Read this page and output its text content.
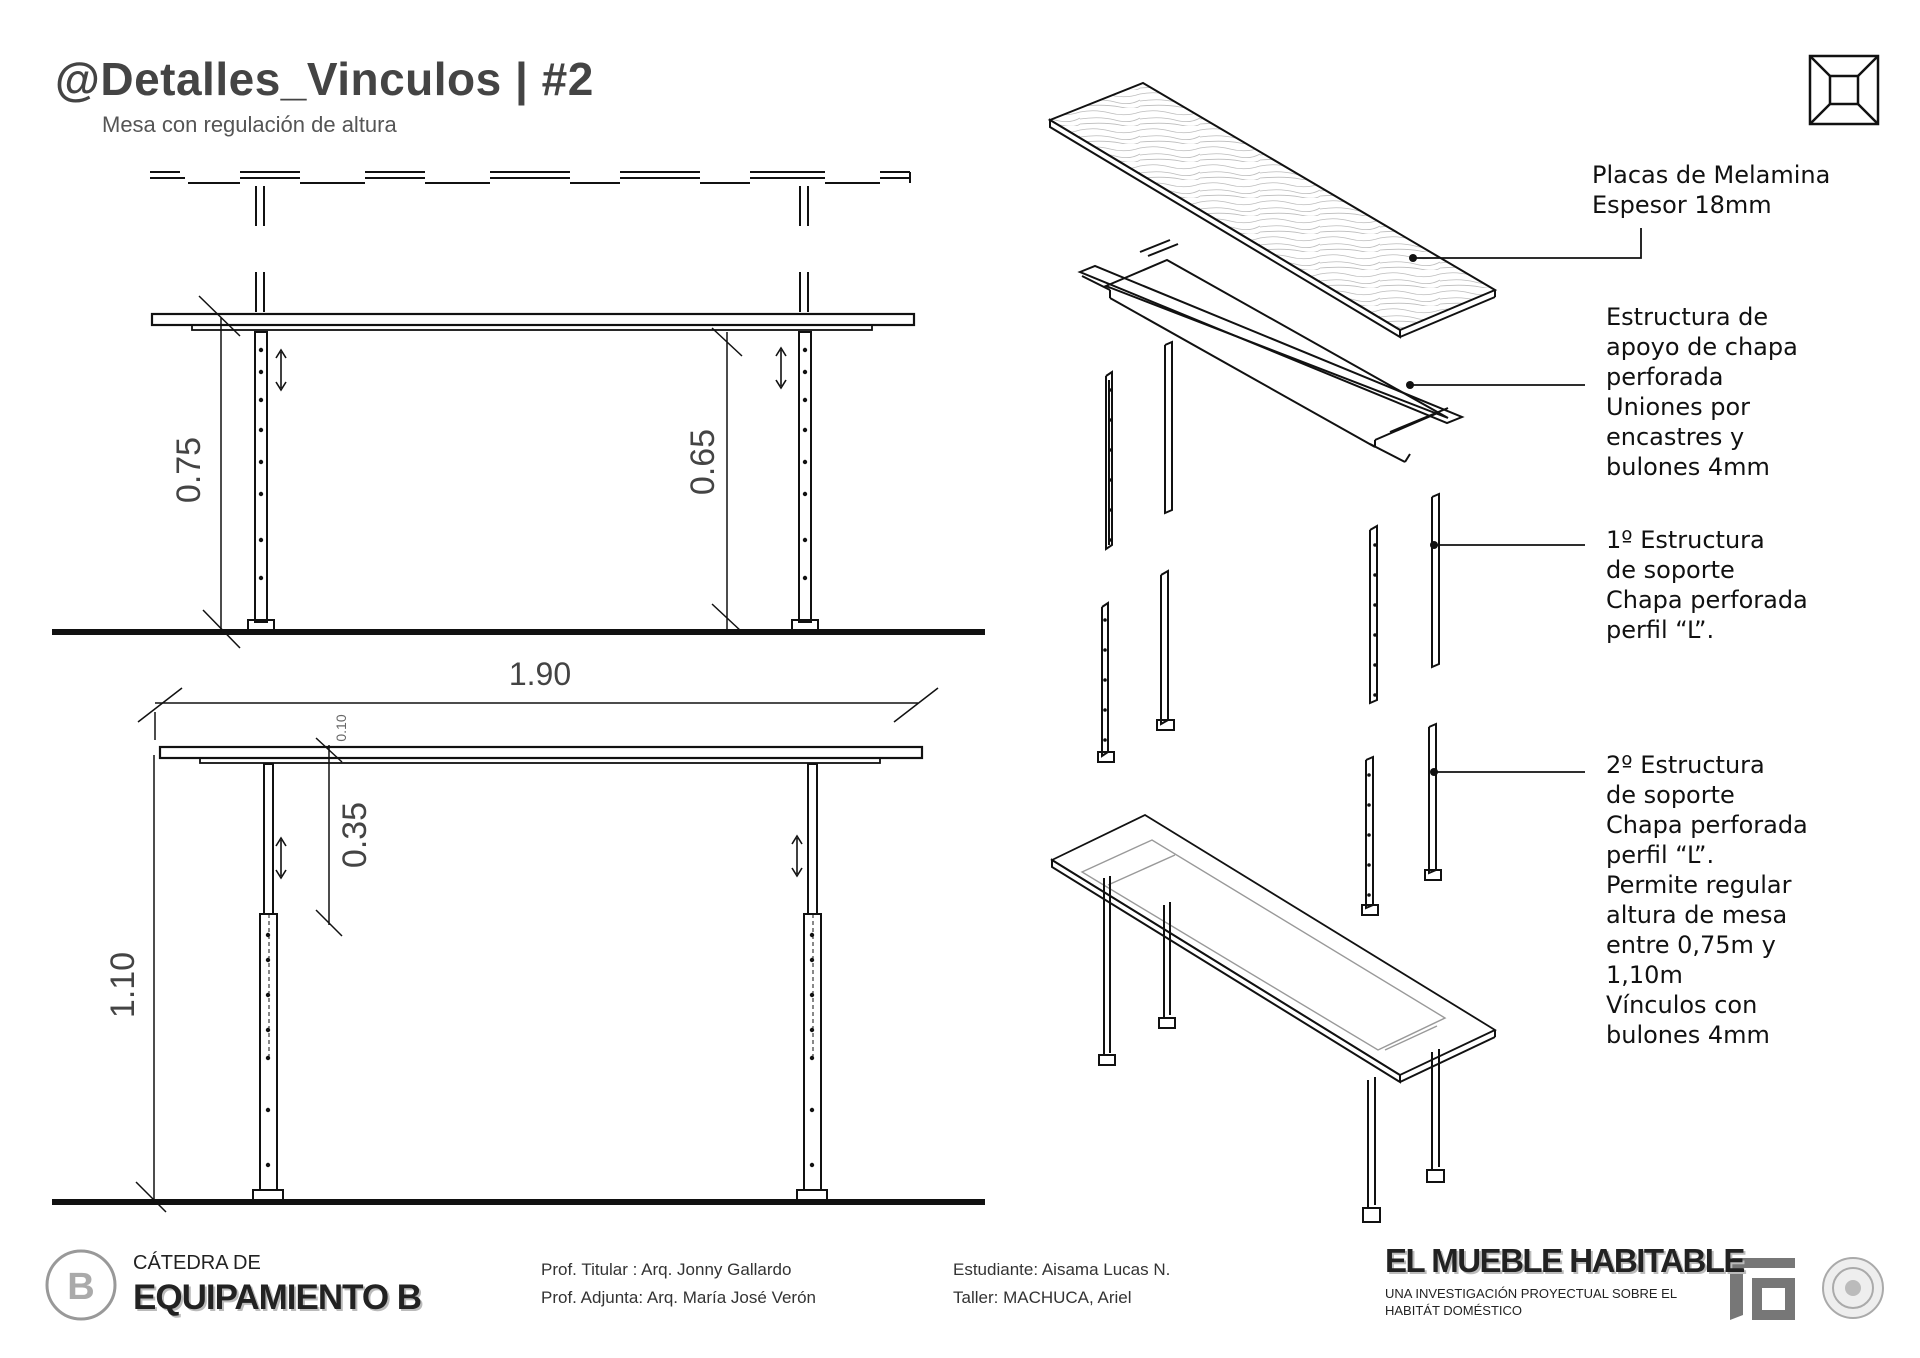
@Detalles_Vinculos | #2
Mesa con regulación de altura
0.75	0.65
1.90
0.10
0.35
1.10
B
Placas de Melamina
Espesor 18mm
Estructura de
apoyo de chapa
perforada
Uniones por
encastres y
bulones 4mm
1º Estructura
de soporte
Chapa perforada
perfil “L”.
2º Estructura
de soporte
Chapa perforada
perfil “L”.
Permite regular
altura de mesa
entre 0,75m y
1,10m
Vínculos con
bulones 4mm
CÁTEDRA DE
EQUIPAMIENTO B
Prof. Titular : Arq. Jonny Gallardo
Prof. Adjunta: Arq. María José Verón
Estudiante: Aisama Lucas N.
Taller: MACHUCA, Ariel
EL MUEBLE HABITABLE
UNA INVESTIGACIÓN PROYECTUAL SOBRE EL
HABITÁT DOMÉSTICO
